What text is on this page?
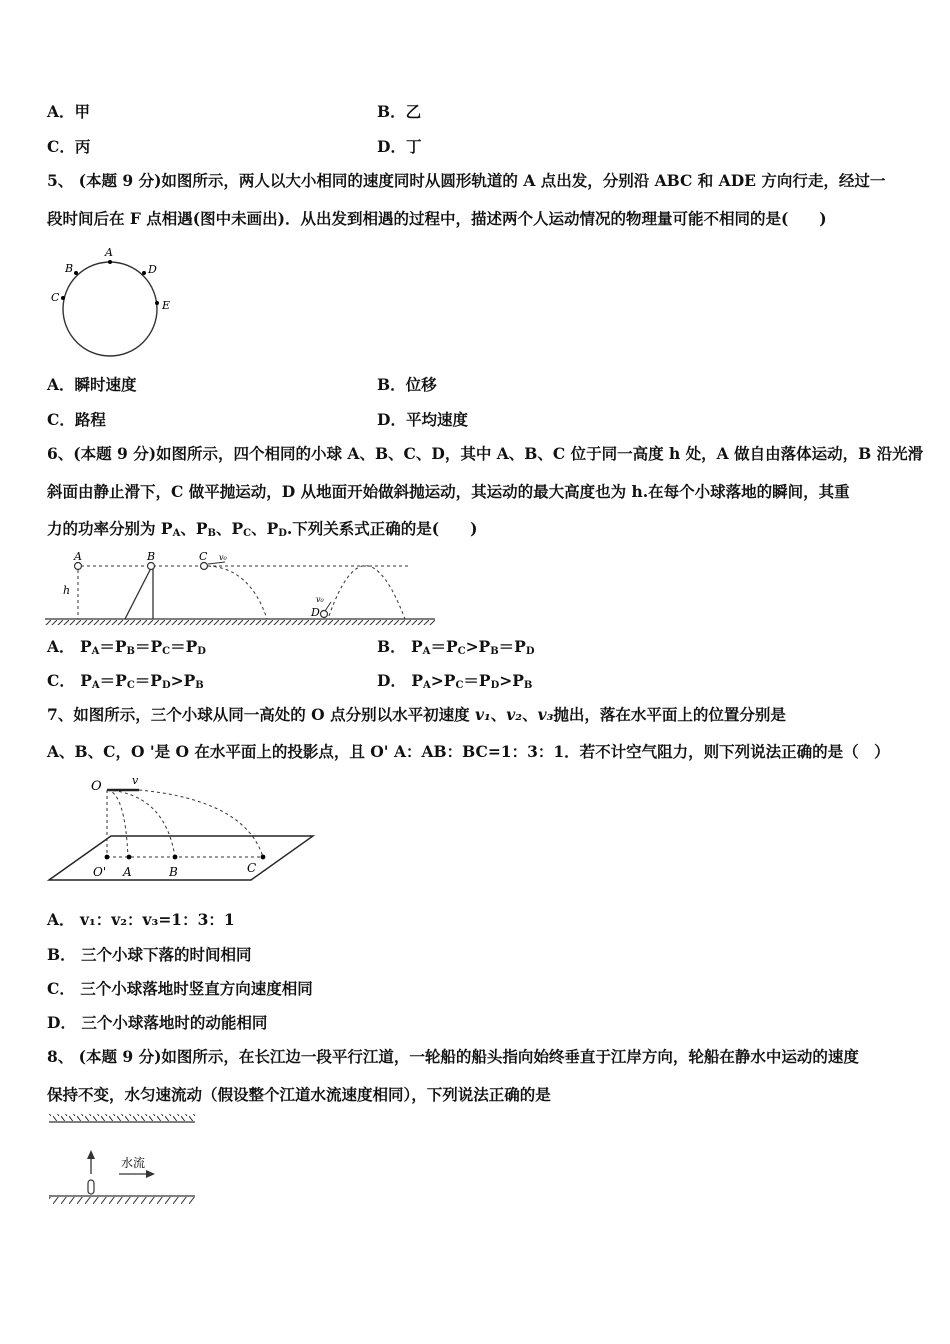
A．甲	B．乙
C．丙	D．丁
5、 (本题 9 分)如图所示，两人以大小相同的速度同时从圆形轨道的 A 点出发，分别沿 ABC 和 ADE 方向行走，经过一
段时间后在 F 点相遇(图中未画出)．从出发到相遇的过程中，描述两个人运动情况的物理量可能不相同的是(　　)
A
B	D
C
E
A．瞬时速度	B．位移
C．路程	D．平均速度
6、(本题 9 分)如图所示，四个相同的小球 A、B、C、D，其中 A、B、C 位于同一高度 h 处，A 做自由落体运动，B 沿光滑
斜面由静止滑下，C 做平抛运动，D 从地面开始做斜抛运动，其运动的最大高度也为 h.在每个小球落地的瞬间，其重
力的功率分别为 $P_A$、$P_B$、$P_C$、$P_D$.下列关系式正确的是(　　)
A
h
B	C v₀
D
v₀
A． $P_A=P_B=P_C=P_D$	B． $P_A=P_C>P_B=P_D$
C． $P_A=P_C=P_D>P_B$	D． $P_A>P_C=P_D>P_B$
7、如图所示，三个小球从同一高处的 O 点分别以水平初速度 v₁、v₂、v₃抛出，落在水平面上的位置分别是
A、B、C，O '是 O 在水平面上的投影点，且 O' A：AB：BC=1：3：1．若不计空气阻力，则下列说法正确的是（　）
O	v
O' A	B	C
A． v₁：v₂：v₃=1：3：1
B． 三个小球下落的时间相同
C． 三个小球落地时竖直方向速度相同
D． 三个小球落地时的动能相同
8、 (本题 9 分)如图所示，在长江边一段平行江道，一轮船的船头指向始终垂直于江岸方向，轮船在静水中运动的速度
保持不变，水匀速流动（假设整个江道水流速度相同），下列说法正确的是
水流
